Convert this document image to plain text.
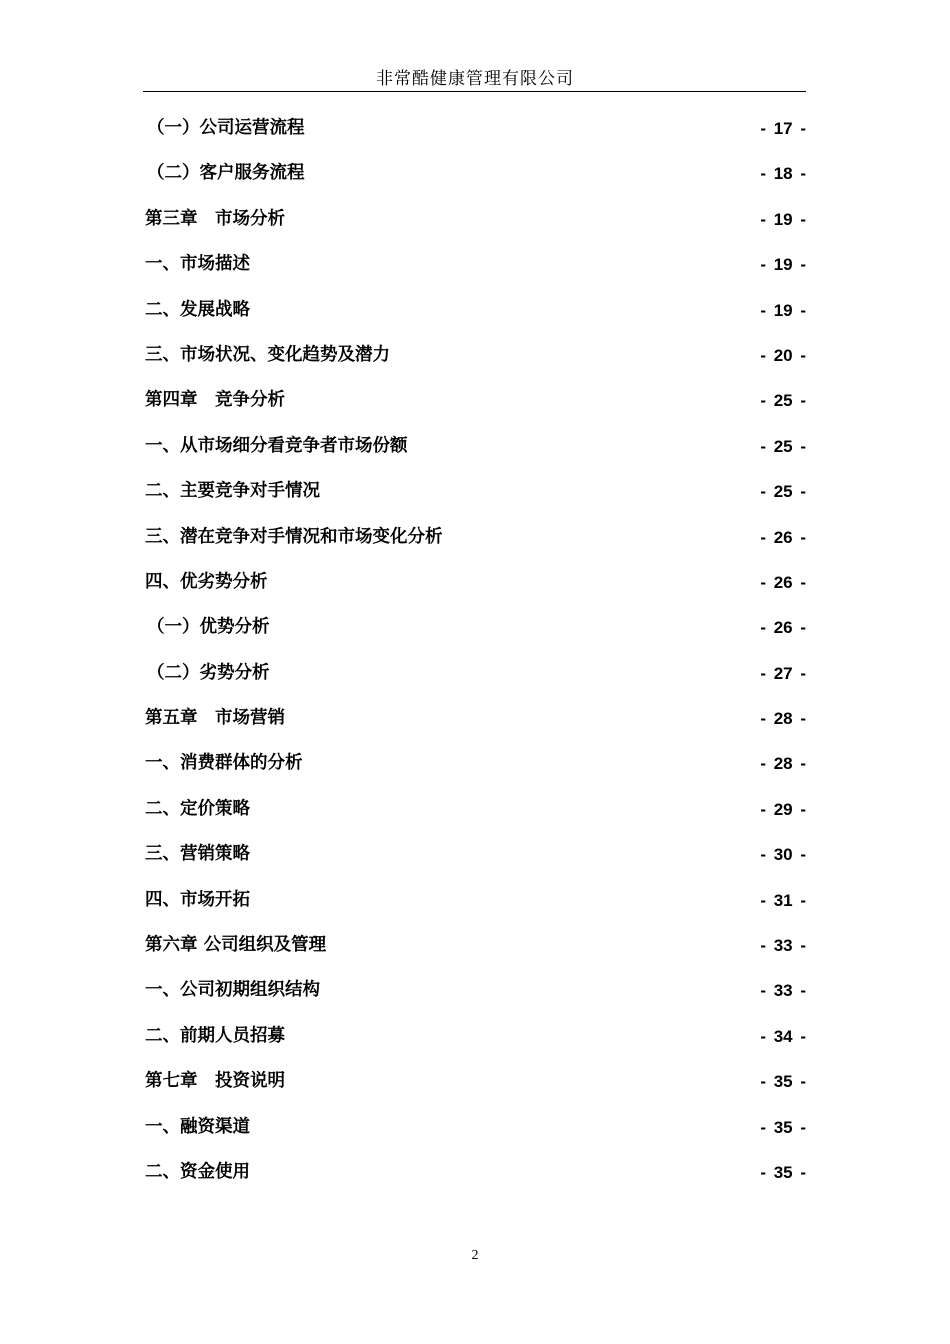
非常酷健康管理有限公司
（一）公司运营流程	- 17 -
（二）客户服务流程	- 18 -
第三章　市场分析	- 19 -
一、市场描述	- 19 -
二、发展战略	- 19 -
三、市场状况、变化趋势及潜力	- 20 -
第四章　竞争分析	- 25 -
一、从市场细分看竞争者市场份额	- 25 -
二、主要竞争对手情况	- 25 -
三、潜在竞争对手情况和市场变化分析	- 26 -
四、优劣势分析	- 26 -
（一）优势分析	- 26 -
（二）劣势分析	- 27 -
第五章　市场营销	- 28 -
一、消费群体的分析	- 28 -
二、定价策略	- 29 -
三、营销策略	- 30 -
四、市场开拓	- 31 -
第六章 公司组织及管理	- 33 -
一、公司初期组织结构	- 33 -
二、前期人员招募	- 34 -
第七章　投资说明	- 35 -
一、融资渠道	- 35 -
二、资金使用	- 35 -
2
